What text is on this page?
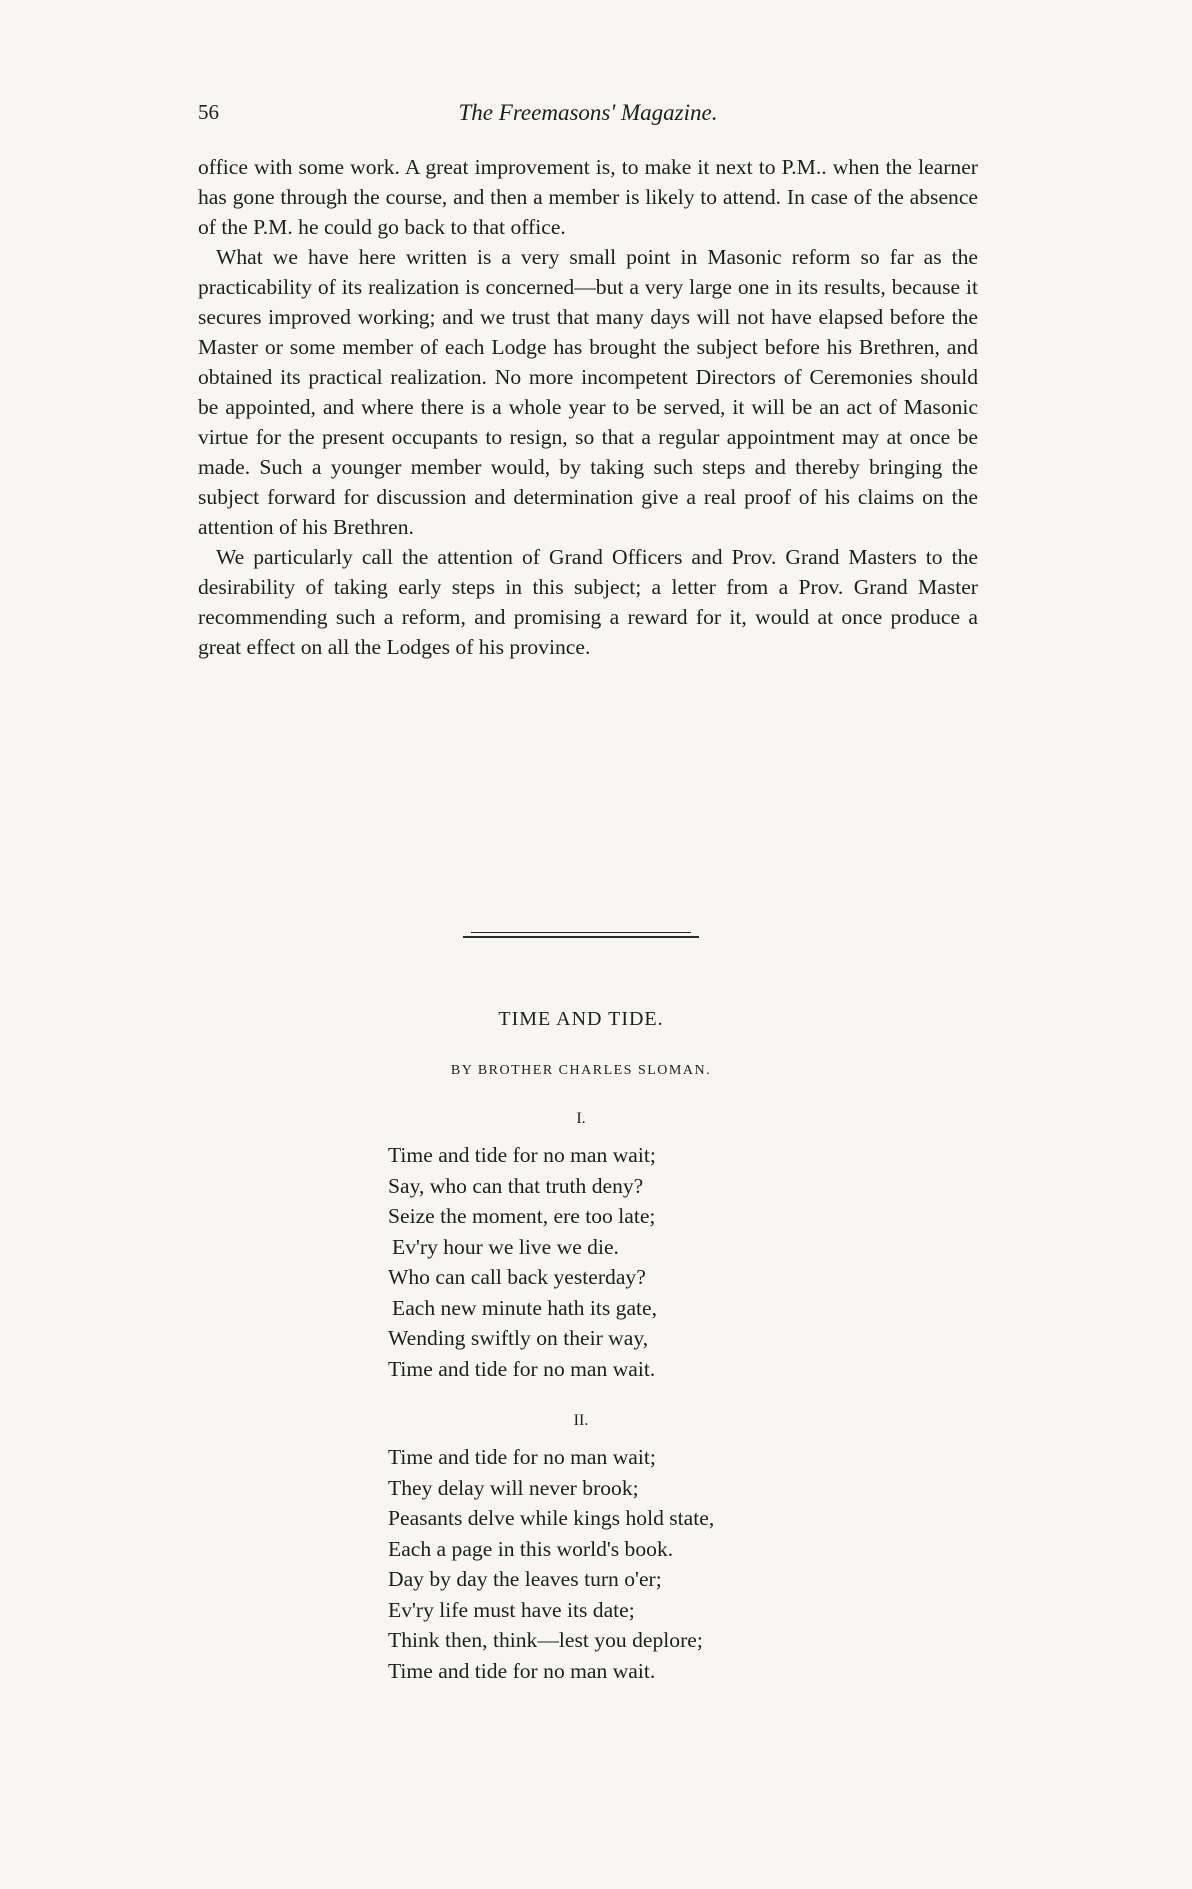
56	The Freemasons' Magazine.

office with some work. A great improvement is, to make it next to P.M.. when the learner has gone through the course, and then a member is likely to attend. In case of the absence of the P.M. he could go back to that office.

What we have here written is a very small point in Masonic reform so far as the practicability of its realization is concerned—but a very large one in its results, because it secures improved working; and we trust that many days will not have elapsed before the Master or some member of each Lodge has brought the subject before his Brethren, and obtained its practical realization. No more incompetent Directors of Ceremonies should be appointed, and where there is a whole year to be served, it will be an act of Masonic virtue for the present occupants to resign, so that a regular appointment may at once be made. Such a younger member would, by taking such steps and thereby bringing the subject forward for discussion and determination give a real proof of his claims on the attention of his Brethren.

We particularly call the attention of Grand Officers and Prov. Grand Masters to the desirability of taking early steps in this subject; a letter from a Prov. Grand Master recommending such a reform, and promising a reward for it, would at once produce a great effect on all the Lodges of his province.

TIME AND TIDE.
BY BROTHER CHARLES SLOMAN.
I.
Time and tide for no man wait;
Say, who can that truth deny?
Seize the moment, ere too late;
Ev'ry hour we live we die.
Who can call back yesterday?
Each new minute hath its gate,
Wending swiftly on their way,
Time and tide for no man wait.
II.
Time and tide for no man wait;
They delay will never brook;
Peasants delve while kings hold state,
Each a page in this world's book.
Day by day the leaves turn o'er;
Ev'ry life must have its date;
Think then, think—lest you deplore;
Time and tide for no man wait.
